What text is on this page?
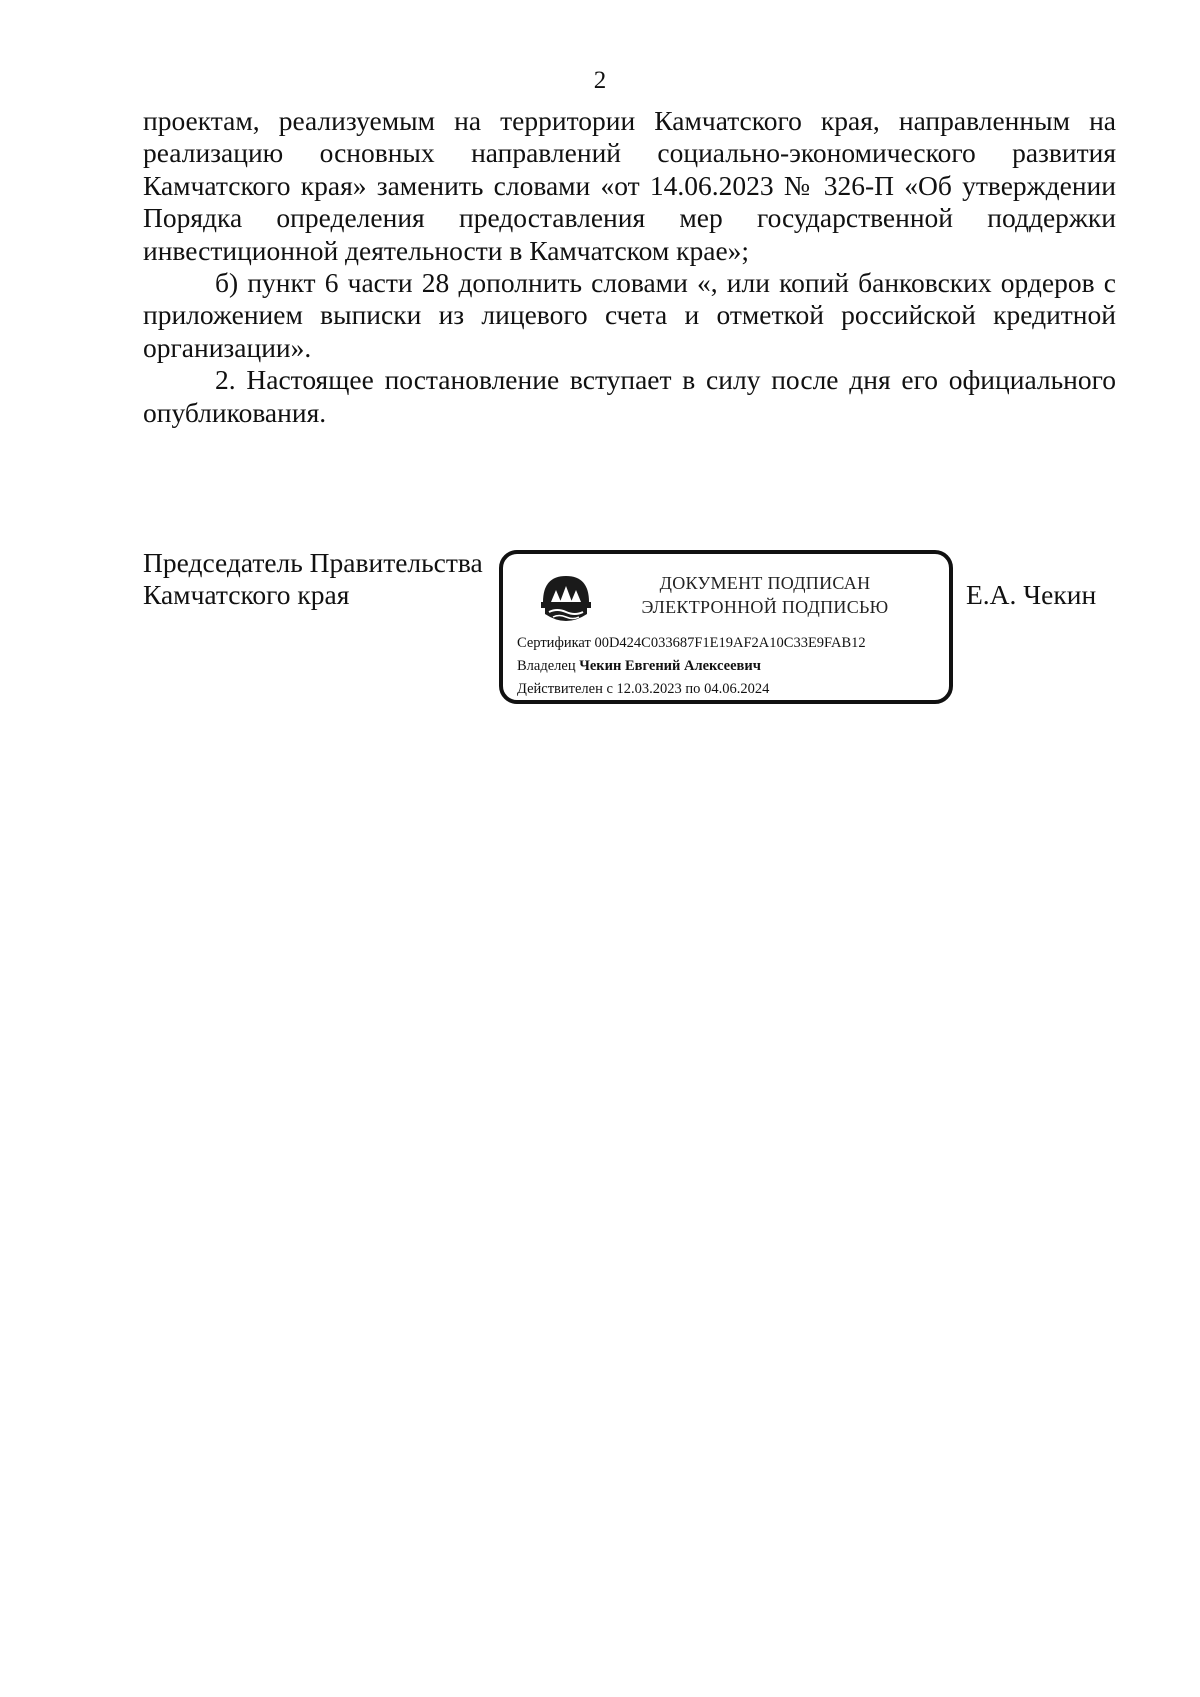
2

проектам, реализуемым на территории Камчатского края, направленным на реализацию основных направлений социально-экономического развития Камчатского края» заменить словами «от 14.06.2023 № 326-П «Об утверждении Порядка определения предоставления мер государственной поддержки инвестиционной деятельности в Камчатском крае»;

б) пункт 6 части 28 дополнить словами «, или копий банковских ордеров с приложением выписки из лицевого счета и отметкой российской кредитной организации».

2. Настоящее постановление вступает в силу после дня его официального опубликования.

Председатель Правительства
Камчатского края	ДОКУМЕНТ ПОДПИСАН
ЭЛЕКТРОННОЙ ПОДПИСЬЮ
Сертификат 00D424C033687F1E19AF2A10C33E9FAB12
Владелец Чекин Евгений Алексеевич
Действителен с 12.03.2023 по 04.06.2024
Е.А. Чекин
